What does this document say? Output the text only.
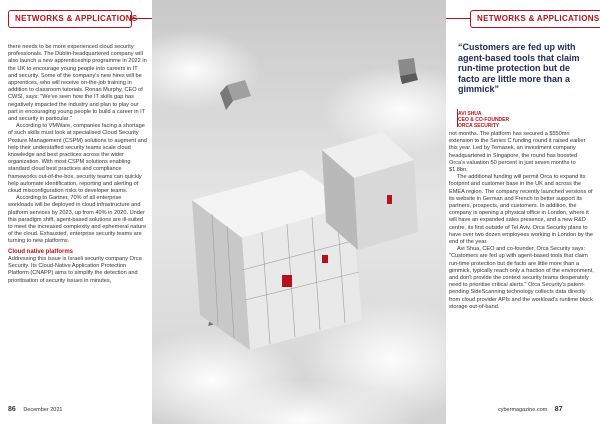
NETWORKS & APPLICATIONS	NETWORKS & APPLICATIONS

there needs to be more experienced cloud security professionals. The Dublin-headquartered company will also launch a new apprenticeship programme in 2022 in the UK to encourage young people into careers in IT and security. Some of the company's new hires will be apprentices, who will receive on-the-job training in addition to classroom tutorials. Ronan Murphy, CEO of CWSI, says: "We've seen how the IT skills gap has negatively impacted the industry and plan to play our part in encouraging young people to build a career in IT and security in particular."

According to VMWare, companies facing a shortage of such skills must look at specialised Cloud Security Posture Management (CSPM) solutions to augment and help their understaffed security teams scale cloud knowledge and best practices across the wider organization. With most CSPM solutions enabling standard cloud best practices and compliance frameworks out-of-the-box, security teams can quickly help automate identification, reporting and alerting of cloud misconfiguration risks to developer teams.

According to Gartner, 70% of all enterprise workloads will be deployed in cloud infrastructure and platform services by 2023, up from 40% in 2020. Under this paradigm shift, agent-based solutions are ill-suited to meet the increased complexity and ephemeral nature of the cloud. Exhausted, enterprise security teams are turning to new platforms.

Cloud native platforms

Addressing this issue is Israeli security company Orca Security. Its Cloud-Native Application Protection Platform (CNAPP) aims to simplify the detection and prioritisation of security issues in minutes,

“Customers are fed up with agent-based tools that claim run-time protection but de facto are little more than a gimmick”
AVI SHUA
CEO & CO-FOUNDER
ORCA SECURITY

not months. The platform has secured a $550mn extension to the Series C funding round it raised earlier this year. Led by Temasek, an investment company headquartered in Singapore, the round has boosted Orca's valuation 50 percent in just seven months to $1.8bn.

The additional funding will permit Orca to expand its footprint and customer base in the UK and across the EMEA region. The company recently launched versions of its website in German and French to better support its partners, prospects, and customers. In addition, the company is opening a physical office in London, where it will have an expanded sales presence, and a new R&D centre, its first outside of Tel Aviv. Orca Security plans to have over two dozen employees working in London by the end of the year.

Avi Shua, CEO and co-founder, Orca Security says: "Customers are fed up with agent-based tools that claim run-time protection but de facto are little more than a gimmick, typically reach only a fraction of the environment, and don't provide the context security teams desperately need to prioritise critical alerts." Orca Security's patent-pending SideScanning technology collects data directly from cloud provider APIs and the workload's runtime block storage out-of-band.

86 December 2021	cybermagazine.com 87
